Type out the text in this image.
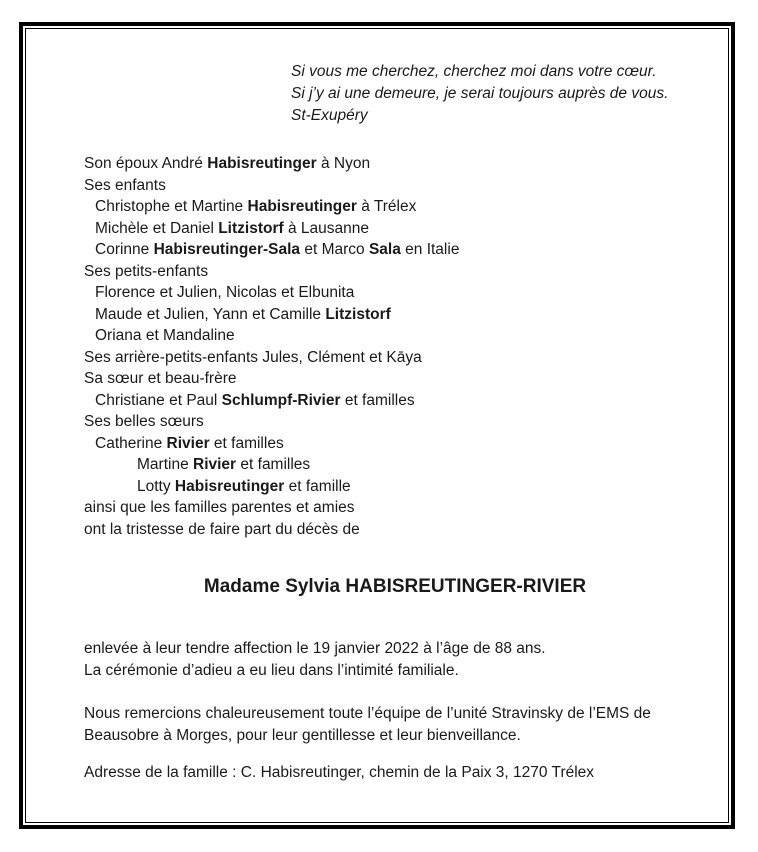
Si vous me cherchez, cherchez moi dans votre cœur.
Si j’y ai une demeure, je serai toujours auprès de vous.
St-Exupéry
Son époux André Habisreutinger à Nyon
Ses enfants
Christophe et Martine Habisreutinger à Trélex
Michèle et Daniel Litzistorf à Lausanne
Corinne Habisreutinger-Sala et Marco Sala en Italie
Ses petits-enfants
Florence et Julien, Nicolas et Elbunita
Maude et Julien, Yann et Camille Litzistorf
Oriana et Mandaline
Ses arrière-petits-enfants Jules, Clément et Kāya
Sa sœur et beau-frère
Christiane et Paul Schlumpf-Rivier et familles
Ses belles sœurs
Catherine Rivier et familles
Martine Rivier et familles
Lotty Habisreutinger et famille
ainsi que les familles parentes et amies
ont la tristesse de faire part du décès de
Madame Sylvia HABISREUTINGER-RIVIER
enlevée à leur tendre affection le 19 janvier 2022 à l’âge de 88 ans.
La cérémonie d’adieu a eu lieu dans l’intimité familiale.
Nous remercions chaleureusement toute l’équipe de l’unité Stravinsky de l’EMS de
Beausobre à Morges, pour leur gentillesse et leur bienveillance.
Adresse de la famille : C. Habisreutinger, chemin de la Paix 3, 1270 Trélex
